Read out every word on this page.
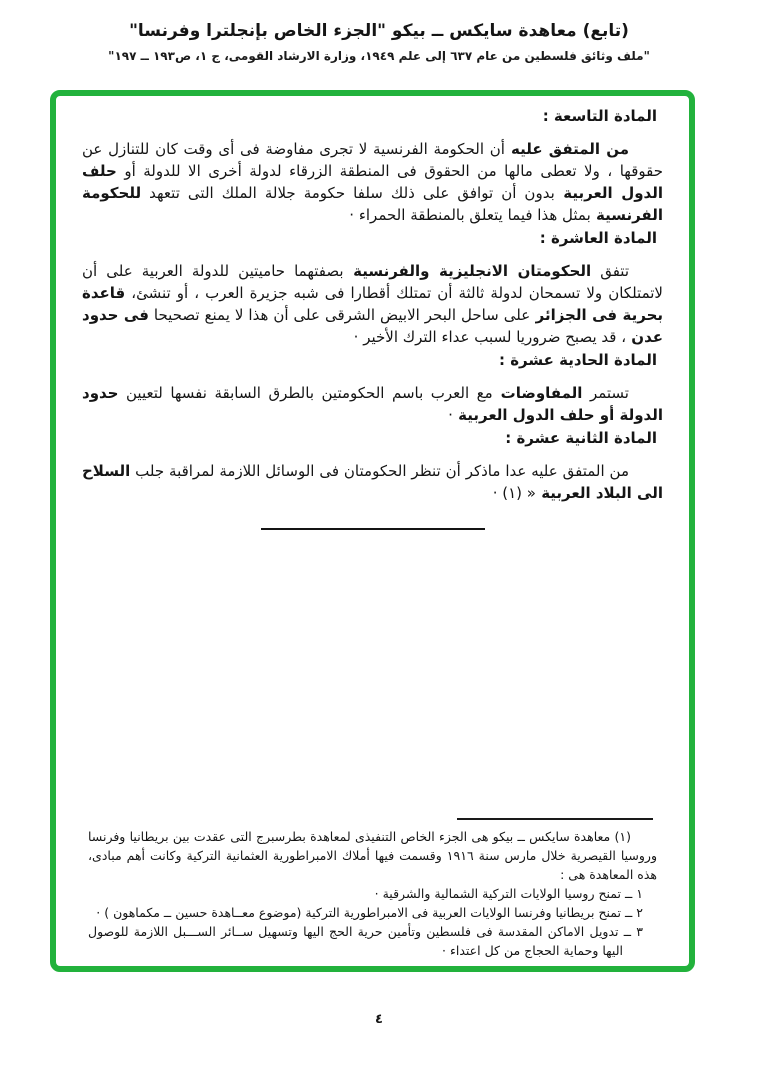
(تابع) معاهدة سايكس ــ بيكو "الجزء الخاص بإنجلترا وفرنسا"
"ملف وثائق فلسطين من عام ٦٣٧ إلى علم ١٩٤٩، وزارة الارشاد القومى، ج ١، ص١٩٣ ــ ١٩٧"
المادة التاسعة :

من المتفق عليه أن الحكومة الفرنسية لا تجرى مفاوضة فى أى وقت كان للتنازل عن حقوقها ، ولا تعطى مالها من الحقوق فى المنطقة الزرقاء لدولة أخرى الا للدولة أو حلف الدول العربية بدون أن توافق على ذلك سلفا حكومة جلالة الملك التى تتعهد للحكومة الفرنسية بمثل هذا فيما يتعلق بالمنطقة الحمراء ·

المادة العاشرة :

تتفق الحكومتان الانجليزية والفرنسية بصفتهما حاميتين للدولة العربية على أن لاتمتلكان ولا تسمحان لدولة ثالثة أن تمتلك أقطارا فى شبه جزيرة العرب ، أو تنشئ، قاعدة بحرية فى الجزائر على ساحل البحر الابيض الشرقى على أن هذا لا يمنع تصحيحا فى حدود عدن ، قد يصبح ضروريا لسبب عداء الترك الأخير ·

المادة الحادية عشرة :

تستمر المفاوضات مع العرب باسم الحكومتين بالطرق السابقة نفسها لتعيين حدود الدولة أو حلف الدول العربية ·

المادة الثانية عشرة :

من المتفق عليه عدا ماذكر أن تنظر الحكومتان فى الوسائل اللازمة لمراقبة جلب السلاح الى البلاد العربية « (١) ·

(١) معاهدة سايكس ــ بيكو هى الجزء الخاص التنفيذى لمعاهدة بطرسبرج التى عقدت بين بريطانيا وفرنسا وروسيا القيصرية خلال مارس سنة ١٩١٦ وقسمت فيها أملاك الامبراطورية العثمانية التركية وكانت أهم مبادى، هذه المعاهدة هى :

١ ــ تمنح روسيا الولايات التركية الشمالية والشرقية ·

٢ ــ تمنح بريطانيا وفرنسا الولايات العربية فى الامبراطورية التركية (موضوع معــاهدة حسين ــ مكماهون ) ·

٣ ــ تدويل الاماكن المقدسة فى فلسطين وتأمين حرية الحج اليها وتسهيل ســائر الســـبل اللازمة للوصول اليها وحماية الحجاج من كل اعتداء ·

٤
